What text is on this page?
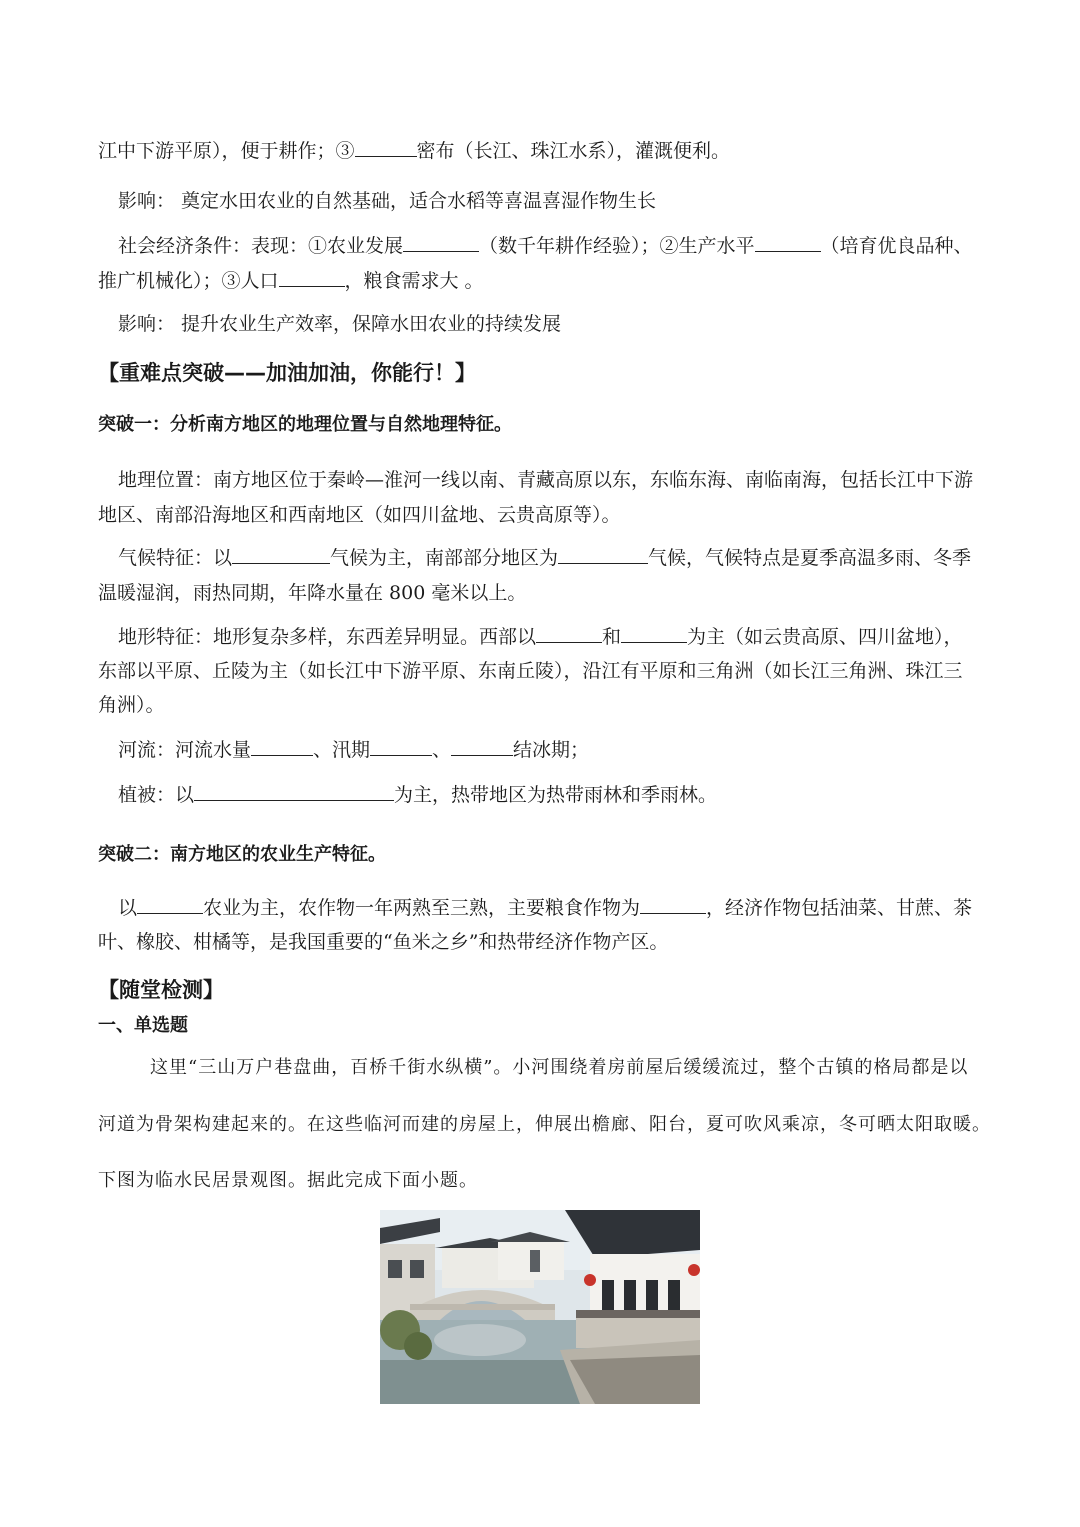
江中下游平原），便于耕作；③	密布（长江、珠江水系），灌溉便利。
影响： 奠定水田农业的自然基础，适合水稻等喜温喜湿作物生长
社会经济条件：表现：①农业发展	（数千年耕作经验）；②生产水平	（培育优良品种、
推广机械化）；③人口	，粮食需求大 。
影响： 提升农业生产效率，保障水田农业的持续发展
【重难点突破——加油加油，你能行！】
突破一：分析南方地区的地理位置与自然地理特征。
地理位置：南方地区位于秦岭—淮河一线以南、青藏高原以东，东临东海、南临南海，包括长江中下游
地区、南部沿海地区和西南地区（如四川盆地、云贵高原等）。
气候特征：以	气候为主，南部部分地区为	气候，气候特点是夏季高温多雨、冬季
温暖湿润，雨热同期，年降水量在 800 毫米以上。
地形特征：地形复杂多样，东西差异明显。西部以	和	为主（如云贵高原、四川盆地），
东部以平原、丘陵为主（如长江中下游平原、东南丘陵），沿江有平原和三角洲（如长江三角洲、珠江三
角洲）。
河流：河流水量	、汛期	、	结冰期；
植被：以	为主，热带地区为热带雨林和季雨林。
突破二：南方地区的农业生产特征。
以	农业为主，农作物一年两熟至三熟，主要粮食作物为	，经济作物包括油菜、甘蔗、茶
叶、橡胶、柑橘等，是我国重要的“鱼米之乡”和热带经济作物产区。
【随堂检测】
一、单选题
这里“三山万户巷盘曲，百桥千街水纵横”。小河围绕着房前屋后缓缓流过，整个古镇的格局都是以
河道为骨架构建起来的。在这些临河而建的房屋上，伸展出檐廊、阳台，夏可吹风乘凉，冬可晒太阳取暖。
下图为临水民居景观图。据此完成下面小题。
